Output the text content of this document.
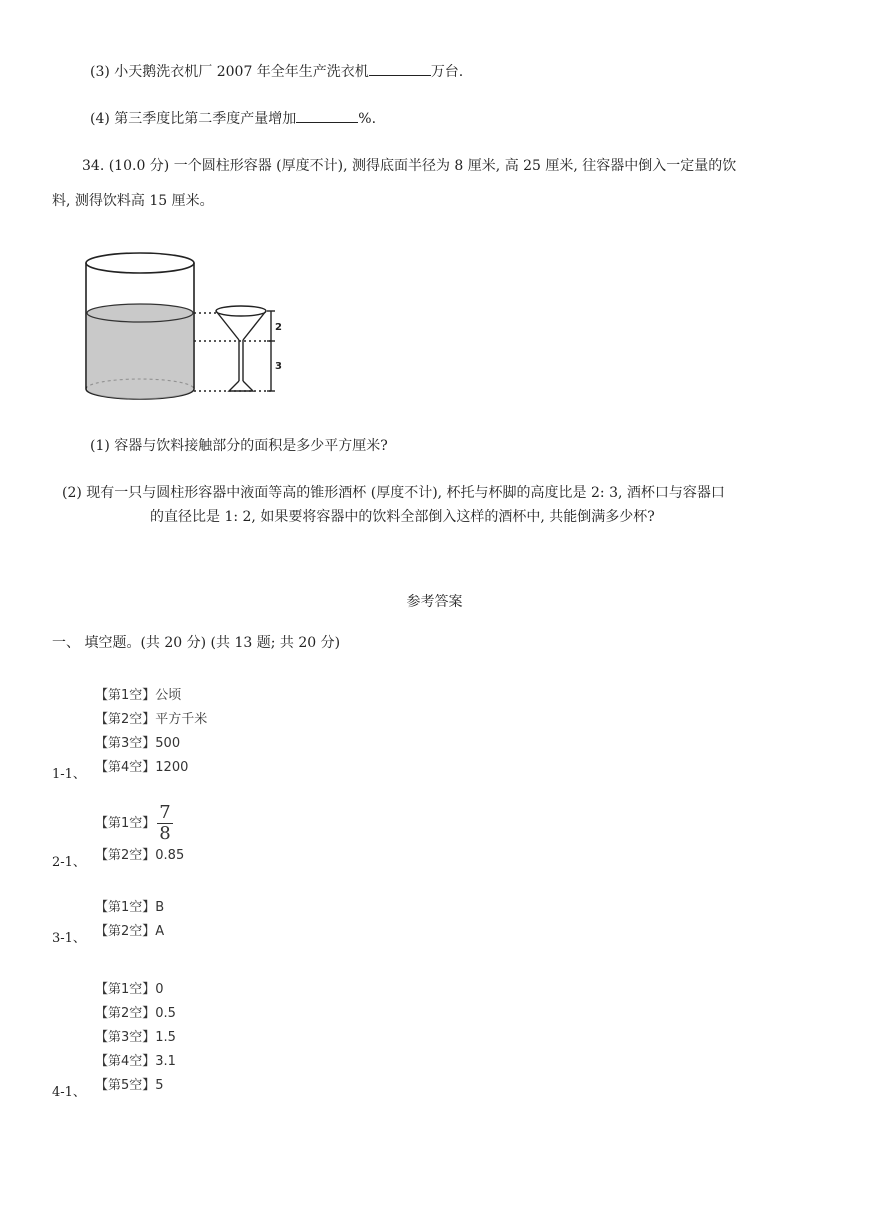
(3) 小天鹅洗衣机厂 2007 年全年生产洗衣机	万台.
(4) 第三季度比第二季度产量增加	%.
34. (10.0 分) 一个圆柱形容器 (厚度不计), 测得底面半径为 8 厘米, 高 25 厘米, 往容器中倒入一定量的饮
料, 测得饮料高 15 厘米。
2
3
(1) 容器与饮料接触部分的面积是多少平方厘米?
(2) 现有一只与圆柱形容器中液面等高的锥形酒杯 (厚度不计), 杯托与杯脚的高度比是 2: 3, 酒杯口与容器口
的直径比是 1: 2, 如果要将容器中的饮料全部倒入这样的酒杯中, 共能倒满多少杯?
参考答案
一、 填空题。(共 20 分) (共 13 题; 共 20 分)
【第1空】公顷
【第2空】平方千米
【第3空】500
【第4空】1200
1-1、
【第1空】 $\frac{7}{8}$
【第2空】0.85
2-1、
【第1空】B
【第2空】A
3-1、
【第1空】0
【第2空】0.5
【第3空】1.5
【第4空】3.1
【第5空】5
4-1、
